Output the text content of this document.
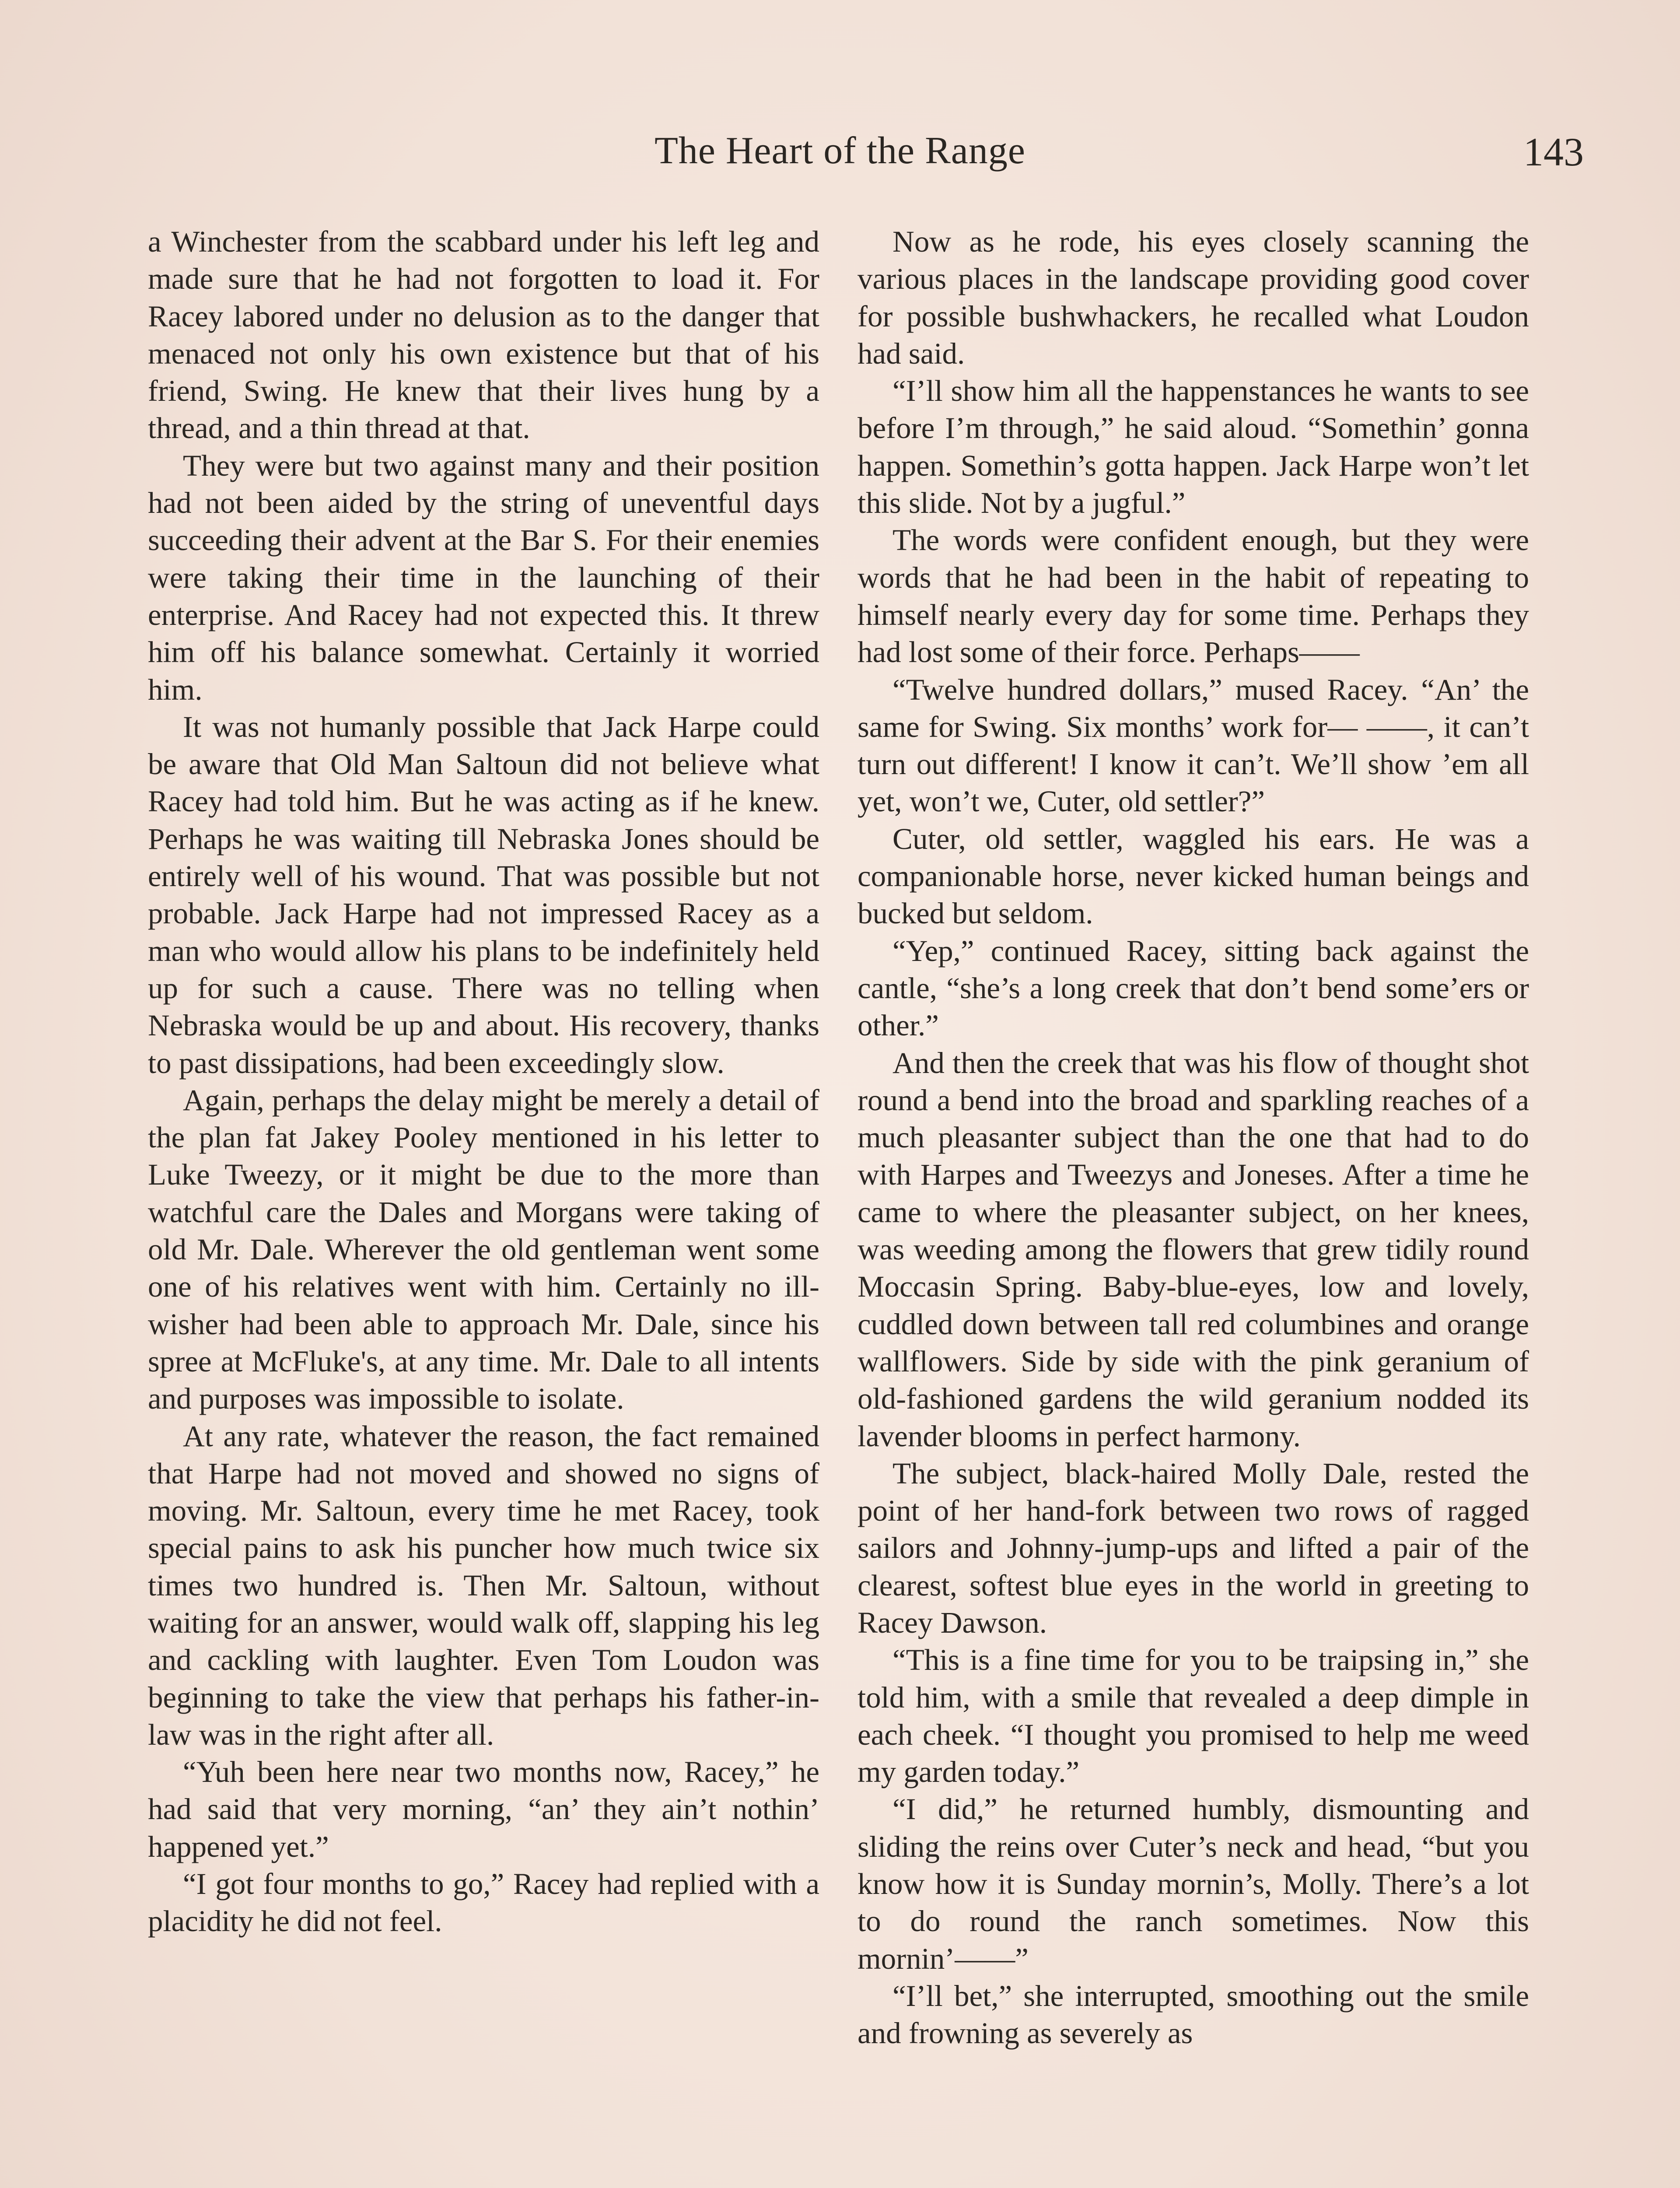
The Heart of the Range	143

a Winchester from the scabbard under his left leg and made sure that he had not forgotten to load it. For Racey labored under no delusion as to the danger that menaced not only his own existence but that of his friend, Swing. He knew that their lives hung by a thread, and a thin thread at that.

They were but two against many and their position had not been aided by the string of uneventful days succeeding their advent at the Bar S. For their enemies were taking their time in the launching of their enterprise. And Racey had not expected this. It threw him off his balance somewhat. Certainly it worried him.

It was not humanly possible that Jack Harpe could be aware that Old Man Saltoun did not believe what Racey had told him. But he was acting as if he knew. Perhaps he was waiting till Nebraska Jones should be entirely well of his wound. That was possible but not probable. Jack Harpe had not impressed Racey as a man who would allow his plans to be indefinitely held up for such a cause. There was no telling when Nebraska would be up and about. His recovery, thanks to past dissipations, had been exceedingly slow.

Again, perhaps the delay might be merely a detail of the plan fat Jakey Pooley mentioned in his letter to Luke Tweezy, or it might be due to the more than watchful care the Dales and Morgans were taking of old Mr. Dale. Wherever the old gentleman went some one of his relatives went with him. Certainly no ill-wisher had been able to approach Mr. Dale, since his spree at McFluke's, at any time. Mr. Dale to all intents and purposes was impossible to isolate.

At any rate, whatever the reason, the fact remained that Harpe had not moved and showed no signs of moving. Mr. Saltoun, every time he met Racey, took special pains to ask his puncher how much twice six times two hundred is. Then Mr. Saltoun, without waiting for an answer, would walk off, slapping his leg and cackling with laughter. Even Tom Loudon was beginning to take the view that perhaps his father-in-law was in the right after all.

“Yuh been here near two months now, Racey,” he had said that very morning, “an’ they ain’t nothin’ happened yet.”

“I got four months to go,” Racey had replied with a placidity he did not feel.

Now as he rode, his eyes closely scanning the various places in the landscape providing good cover for possible bushwhackers, he recalled what Loudon had said.

“I’ll show him all the happenstances he wants to see before I’m through,” he said aloud. “Somethin’ gonna happen. Somethin’s gotta happen. Jack Harpe won’t let this slide. Not by a jugful.”

The words were confident enough, but they were words that he had been in the habit of repeating to himself nearly every day for some time. Perhaps they had lost some of their force. Perhaps——

“Twelve hundred dollars,” mused Racey. “An’ the same for Swing. Six months’ work for— ——, it can’t turn out different! I know it can’t. We’ll show ’em all yet, won’t we, Cuter, old settler?”

Cuter, old settler, waggled his ears. He was a companionable horse, never kicked human beings and bucked but seldom.

“Yep,” continued Racey, sitting back against the cantle, “she’s a long creek that don’t bend some’ers or other.”

And then the creek that was his flow of thought shot round a bend into the broad and sparkling reaches of a much pleasanter subject than the one that had to do with Harpes and Tweezys and Joneses. After a time he came to where the pleasanter subject, on her knees, was weeding among the flowers that grew tidily round Moccasin Spring. Baby-blue-eyes, low and lovely, cuddled down between tall red columbines and orange wallflowers. Side by side with the pink geranium of old-fashioned gardens the wild geranium nodded its lavender blooms in perfect harmony.

The subject, black-haired Molly Dale, rested the point of her hand-fork between two rows of ragged sailors and Johnny-jump-ups and lifted a pair of the clearest, softest blue eyes in the world in greeting to Racey Dawson.

“This is a fine time for you to be traipsing in,” she told him, with a smile that revealed a deep dimple in each cheek. “I thought you promised to help me weed my garden today.”

“I did,” he returned humbly, dismounting and sliding the reins over Cuter’s neck and head, “but you know how it is Sunday mornin’s, Molly. There’s a lot to do round the ranch sometimes. Now this mornin’——”

“I’ll bet,” she interrupted, smoothing out the smile and frowning as severely as
